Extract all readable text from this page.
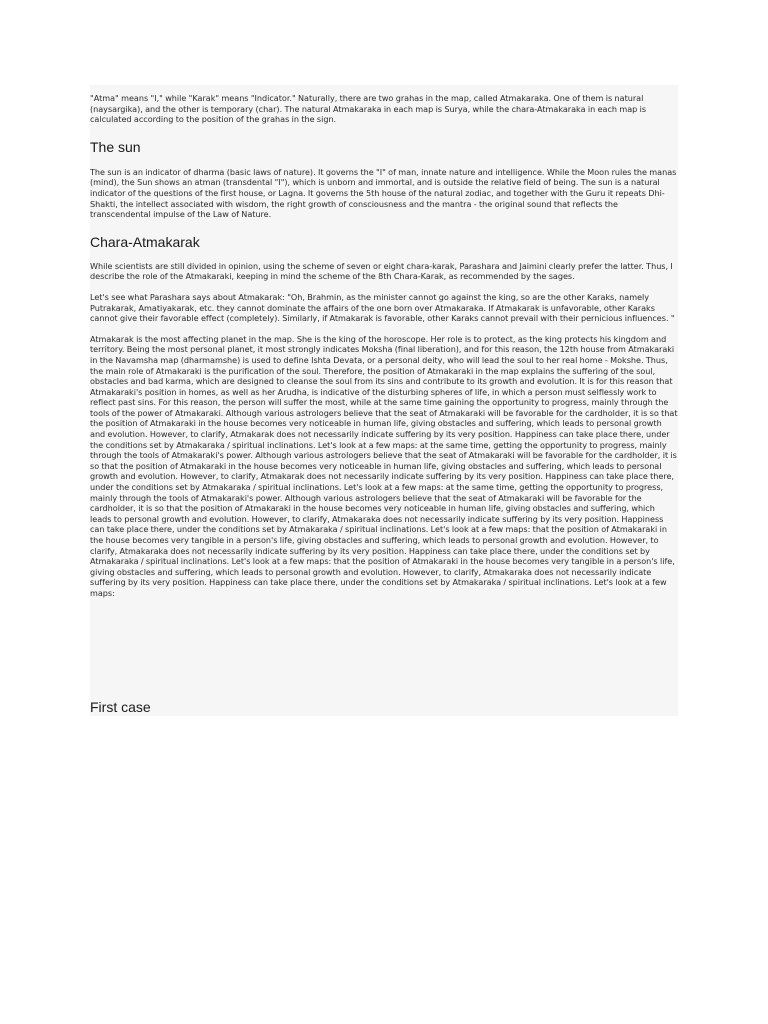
"Atma" means "I," while "Karak" means "Indicator." Naturally, there are two grahas in the map, called Atmakaraka. One of them is natural (naysargika), and the other is temporary (char). The natural Atmakaraka in each map is Surya, while the chara-Atmakaraka in each map is calculated according to the position of the grahas in the sign.

The sun

The sun is an indicator of dharma (basic laws of nature). It governs the "I" of man, innate nature and intelligence. While the Moon rules the manas (mind), the Sun shows an atman (transdental "I"), which is unborn and immortal, and is outside the relative field of being. The sun is a natural indicator of the questions of the first house, or Lagna. It governs the 5th house of the natural zodiac, and together with the Guru it repeats Dhi-Shakti, the intellect associated with wisdom, the right growth of consciousness and the mantra - the original sound that reflects the transcendental impulse of the Law of Nature.

Chara-Atmakarak

While scientists are still divided in opinion, using the scheme of seven or eight chara-karak, Parashara and Jaimini clearly prefer the latter. Thus, I describe the role of the Atmakaraki, keeping in mind the scheme of the 8th Chara-Karak, as recommended by the sages.

Let's see what Parashara says about Atmakarak: "Oh, Brahmin, as the minister cannot go against the king, so are the other Karaks, namely Putrakarak, Amatiyakarak, etc. they cannot dominate the affairs of the one born over Atmakaraka. If Atmakarak is unfavorable, other Karaks cannot give their favorable effect (completely). Similarly, if Atmakarak is favorable, other Karaks cannot prevail with their pernicious influences. "

Atmakarak is the most affecting planet in the map. She is the king of the horoscope. Her role is to protect, as the king protects his kingdom and territory. Being the most personal planet, it most strongly indicates Moksha (final liberation), and for this reason, the 12th house from Atmakaraki in the Navamsha map (dharmamshe) is used to define Ishta Devata, or a personal deity, who will lead the soul to her real home - Mokshe. Thus, the main role of Atmakaraki is the purification of the soul. Therefore, the position of Atmakaraki in the map explains the suffering of the soul, obstacles and bad karma, which are designed to cleanse the soul from its sins and contribute to its growth and evolution. It is for this reason that Atmakaraki's position in homes, as well as her Arudha, is indicative of the disturbing spheres of life, in which a person must selflessly work to reflect past sins. For this reason, the person will suffer the most, while at the same time gaining the opportunity to progress, mainly through the tools of the power of Atmakaraki. Although various astrologers believe that the seat of Atmakaraki will be favorable for the cardholder, it is so that the position of Atmakaraki in the house becomes very noticeable in human life, giving obstacles and suffering, which leads to personal growth and evolution. However, to clarify, Atmakarak does not necessarily indicate suffering by its very position. Happiness can take place there, under the conditions set by Atmakaraka / spiritual inclinations. Let's look at a few maps: at the same time, getting the opportunity to progress, mainly through the tools of Atmakaraki's power. Although various astrologers believe that the seat of Atmakaraki will be favorable for the cardholder, it is so that the position of Atmakaraki in the house becomes very noticeable in human life, giving obstacles and suffering, which leads to personal growth and evolution. However, to clarify, Atmakarak does not necessarily indicate suffering by its very position. Happiness can take place there, under the conditions set by Atmakaraka / spiritual inclinations. Let's look at a few maps: at the same time, getting the opportunity to progress, mainly through the tools of Atmakaraki's power. Although various astrologers believe that the seat of Atmakaraki will be favorable for the cardholder, it is so that the position of Atmakaraki in the house becomes very noticeable in human life, giving obstacles and suffering, which leads to personal growth and evolution. However, to clarify, Atmakaraka does not necessarily indicate suffering by its very position. Happiness can take place there, under the conditions set by Atmakaraka / spiritual inclinations. Let's look at a few maps: that the position of Atmakaraki in the house becomes very tangible in a person's life, giving obstacles and suffering, which leads to personal growth and evolution. However, to clarify, Atmakaraka does not necessarily indicate suffering by its very position. Happiness can take place there, under the conditions set by Atmakaraka / spiritual inclinations. Let's look at a few maps: that the position of Atmakaraki in the house becomes very tangible in a person's life, giving obstacles and suffering, which leads to personal growth and evolution. However, to clarify, Atmakaraka does not necessarily indicate suffering by its very position. Happiness can take place there, under the conditions set by Atmakaraka / spiritual inclinations. Let's look at a few maps:

First case
